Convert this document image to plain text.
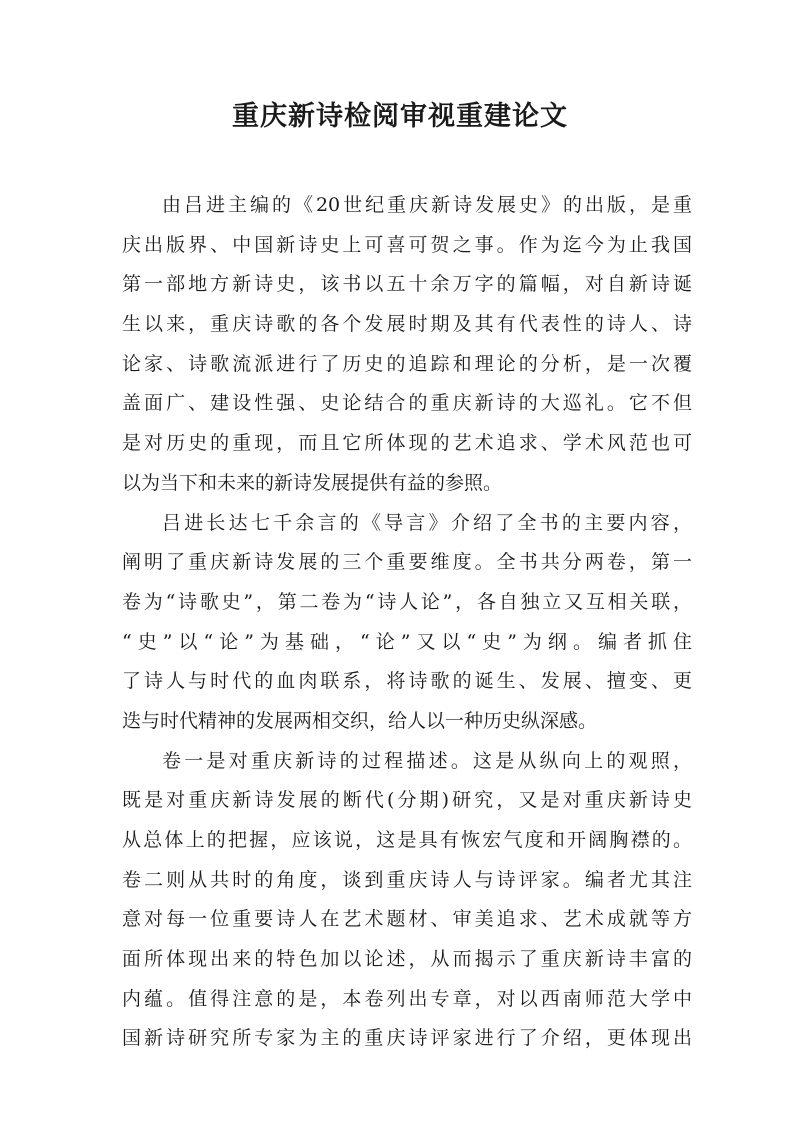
重庆新诗检阅审视重建论文
由吕进主编的《20世纪重庆新诗发展史》的出版，是重
庆出版界、中国新诗史上可喜可贺之事。作为迄今为止我国
第一部地方新诗史，该书以五十余万字的篇幅，对自新诗诞
生以来，重庆诗歌的各个发展时期及其有代表性的诗人、诗
论家、诗歌流派进行了历史的追踪和理论的分析，是一次覆
盖面广、建设性强、史论结合的重庆新诗的大巡礼。它不但
是对历史的重现，而且它所体现的艺术追求、学术风范也可
以为当下和未来的新诗发展提供有益的参照。
吕进长达七千余言的《导言》介绍了全书的主要内容，
阐明了重庆新诗发展的三个重要维度。全书共分两卷，第一
卷为“诗歌史”，第二卷为“诗人论”，各自独立又互相关联，
“史”以“论”为基础，“论”又以“史”为纲。编者抓住
了诗人与时代的血肉联系，将诗歌的诞生、发展、擅变、更
迭与时代精神的发展两相交织，给人以一种历史纵深感。
卷一是对重庆新诗的过程描述。这是从纵向上的观照，
既是对重庆新诗发展的断代(分期)研究，又是对重庆新诗史
从总体上的把握，应该说，这是具有恢宏气度和开阔胸襟的。
卷二则从共时的角度，谈到重庆诗人与诗评家。编者尤其注
意对每一位重要诗人在艺术题材、审美追求、艺术成就等方
面所体现出来的特色加以论述，从而揭示了重庆新诗丰富的
内蕴。值得注意的是，本卷列出专章，对以西南师范大学中
国新诗研究所专家为主的重庆诗评家进行了介绍，更体现出
